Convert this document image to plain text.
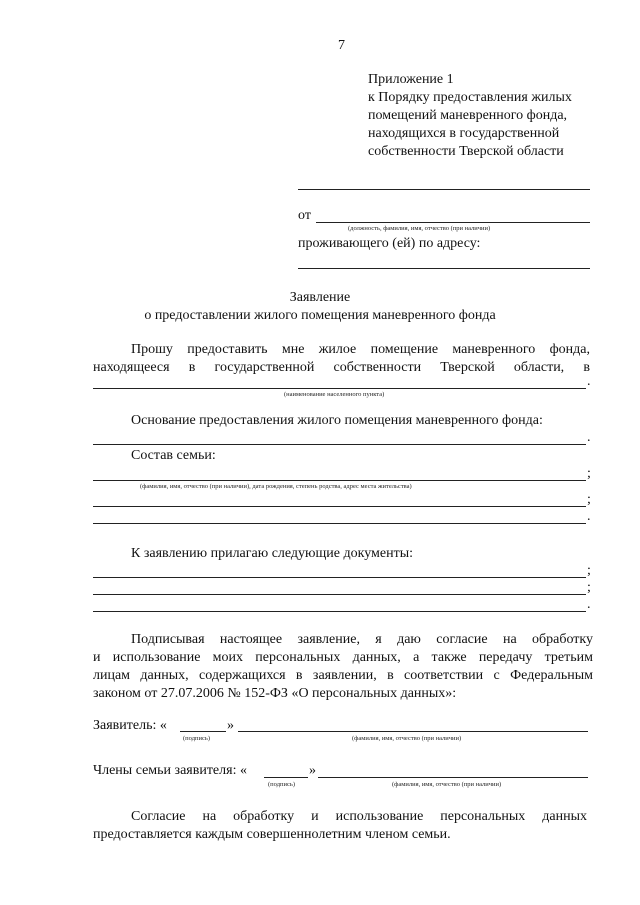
7
Приложение 1
к Порядку предоставления жилых
помещений маневренного фонда,
находящихся в государственной
собственности Тверской области
от
(должность, фамилия, имя, отчество (при наличии)
проживающего (ей) по адресу:
Заявление
о предоставлении жилого помещения маневренного фонда
Прошу предоставить мне жилое помещение маневренного фонда,
находящееся в государственной собственности Тверской области, в
.
(наименование населенного пункта)
Основание предоставления жилого помещения маневренного фонда:
.
Состав семьи:
;
(фамилия, имя, отчество (при наличии), дата рождения, степень родства, адрес места жительства)
;
.
К заявлению прилагаю следующие документы:
;
;
.
Подписывая настоящее заявление, я даю согласие на обработку
и использование моих персональных данных, а также передачу третьим
лицам данных, содержащихся в заявлении, в соответствии с Федеральным
законом от 27.07.2006 № 152-ФЗ «О персональных данных»:
Заявитель: «	»
(подпись)	(фамилия, имя, отчество (при наличии)
Члены семьи заявителя: «	»
(подпись)	(фамилия, имя, отчество (при наличии)
Согласие на обработку и использование персональных данных
предоставляется каждым совершеннолетним членом семьи.
